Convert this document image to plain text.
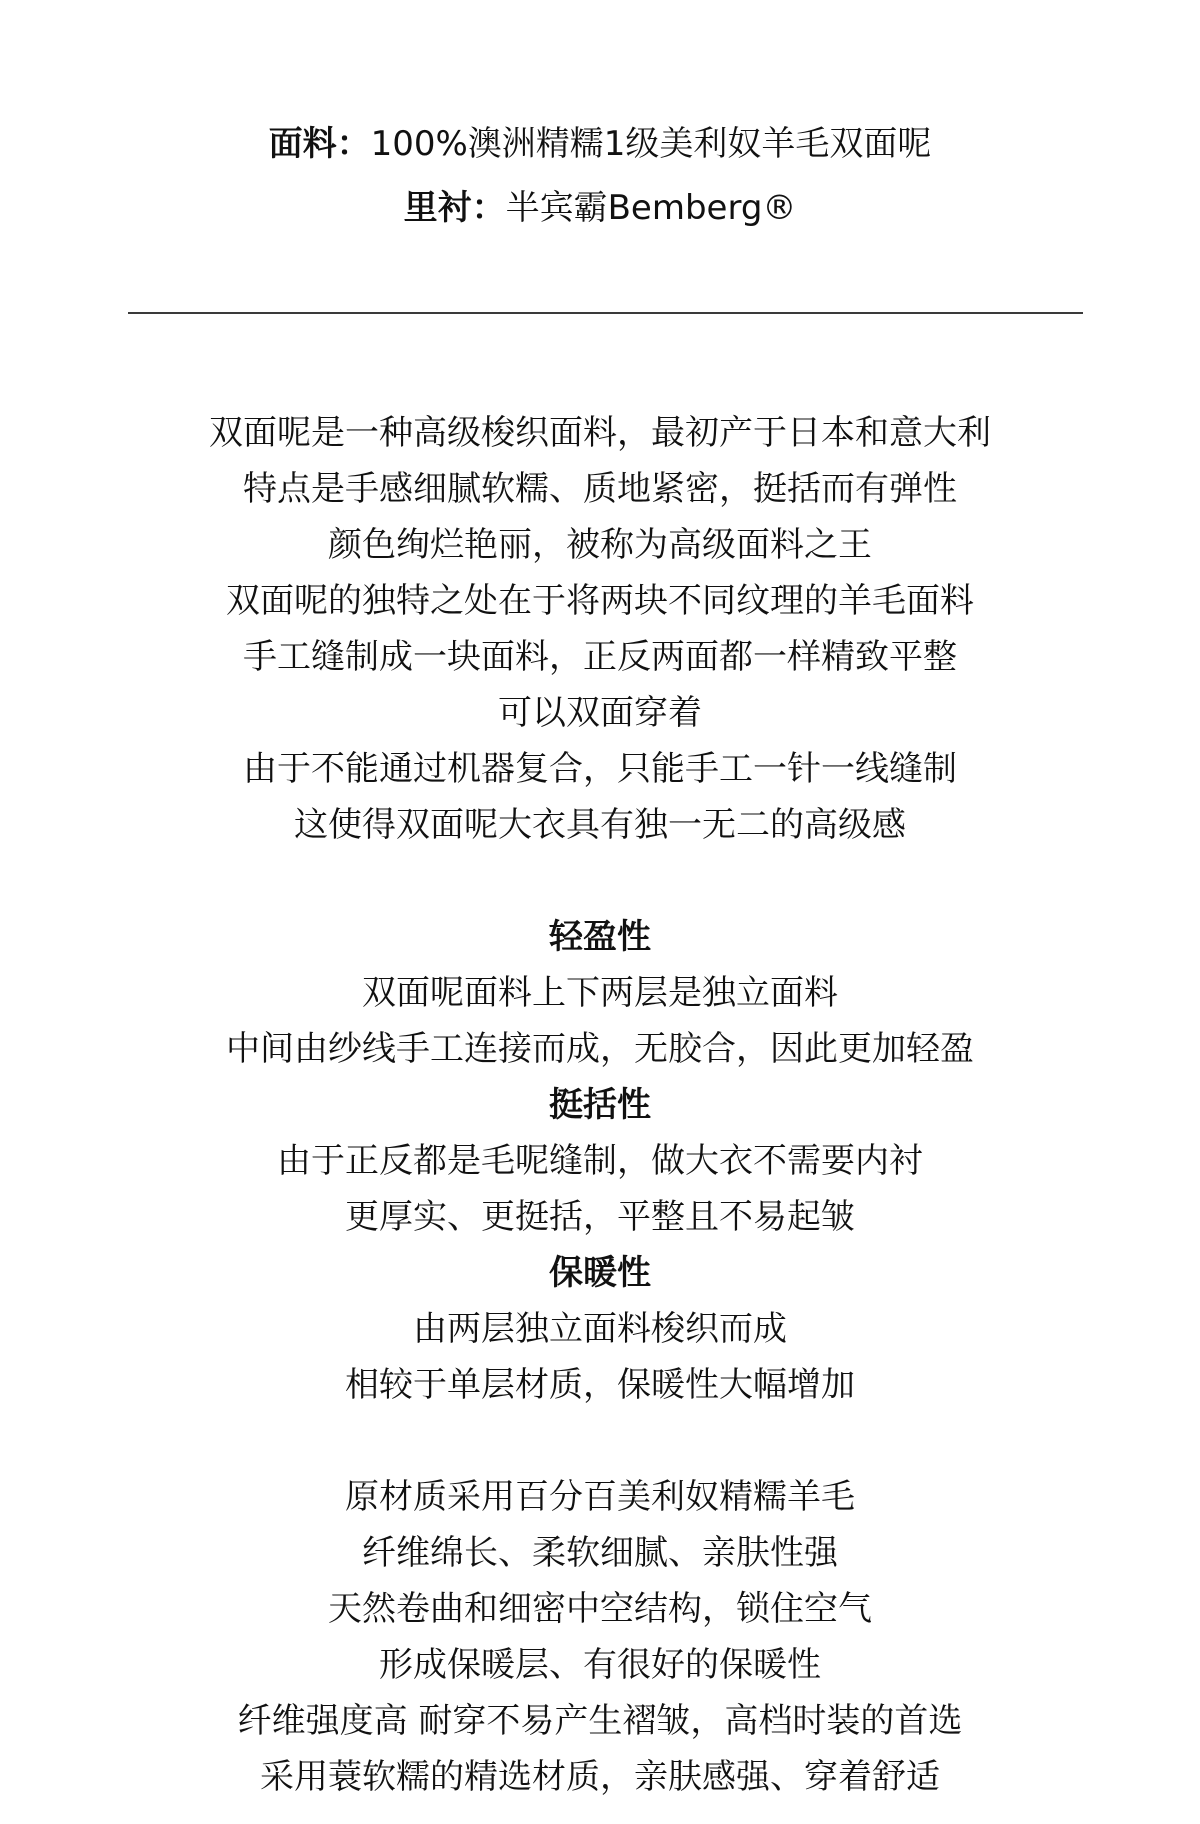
面料：100%澳洲精糯1级美利奴羊毛双面呢
里衬：半宾霸Bemberg®
双面呢是一种高级梭织面料，最初产于日本和意大利
特点是手感细腻软糯、质地紧密，挺括而有弹性
颜色绚烂艳丽，被称为高级面料之王
双面呢的独特之处在于将两块不同纹理的羊毛面料
手工缝制成一块面料，正反两面都一样精致平整
可以双面穿着
由于不能通过机器复合，只能手工一针一线缝制
这使得双面呢大衣具有独一无二的高级感
轻盈性
双面呢面料上下两层是独立面料
中间由纱线手工连接而成，无胶合，因此更加轻盈
挺括性
由于正反都是毛呢缝制，做大衣不需要内衬
更厚实、更挺括，平整且不易起皱
保暖性
由两层独立面料梭织而成
相较于单层材质，保暖性大幅增加
原材质采用百分百美利奴精糯羊毛
纤维绵长、柔软细腻、亲肤性强
天然卷曲和细密中空结构，锁住空气
形成保暖层、有很好的保暖性
纤维强度高 耐穿不易产生褶皱，高档时装的首选
采用蓑软糯的精选材质，亲肤感强、穿着舒适
